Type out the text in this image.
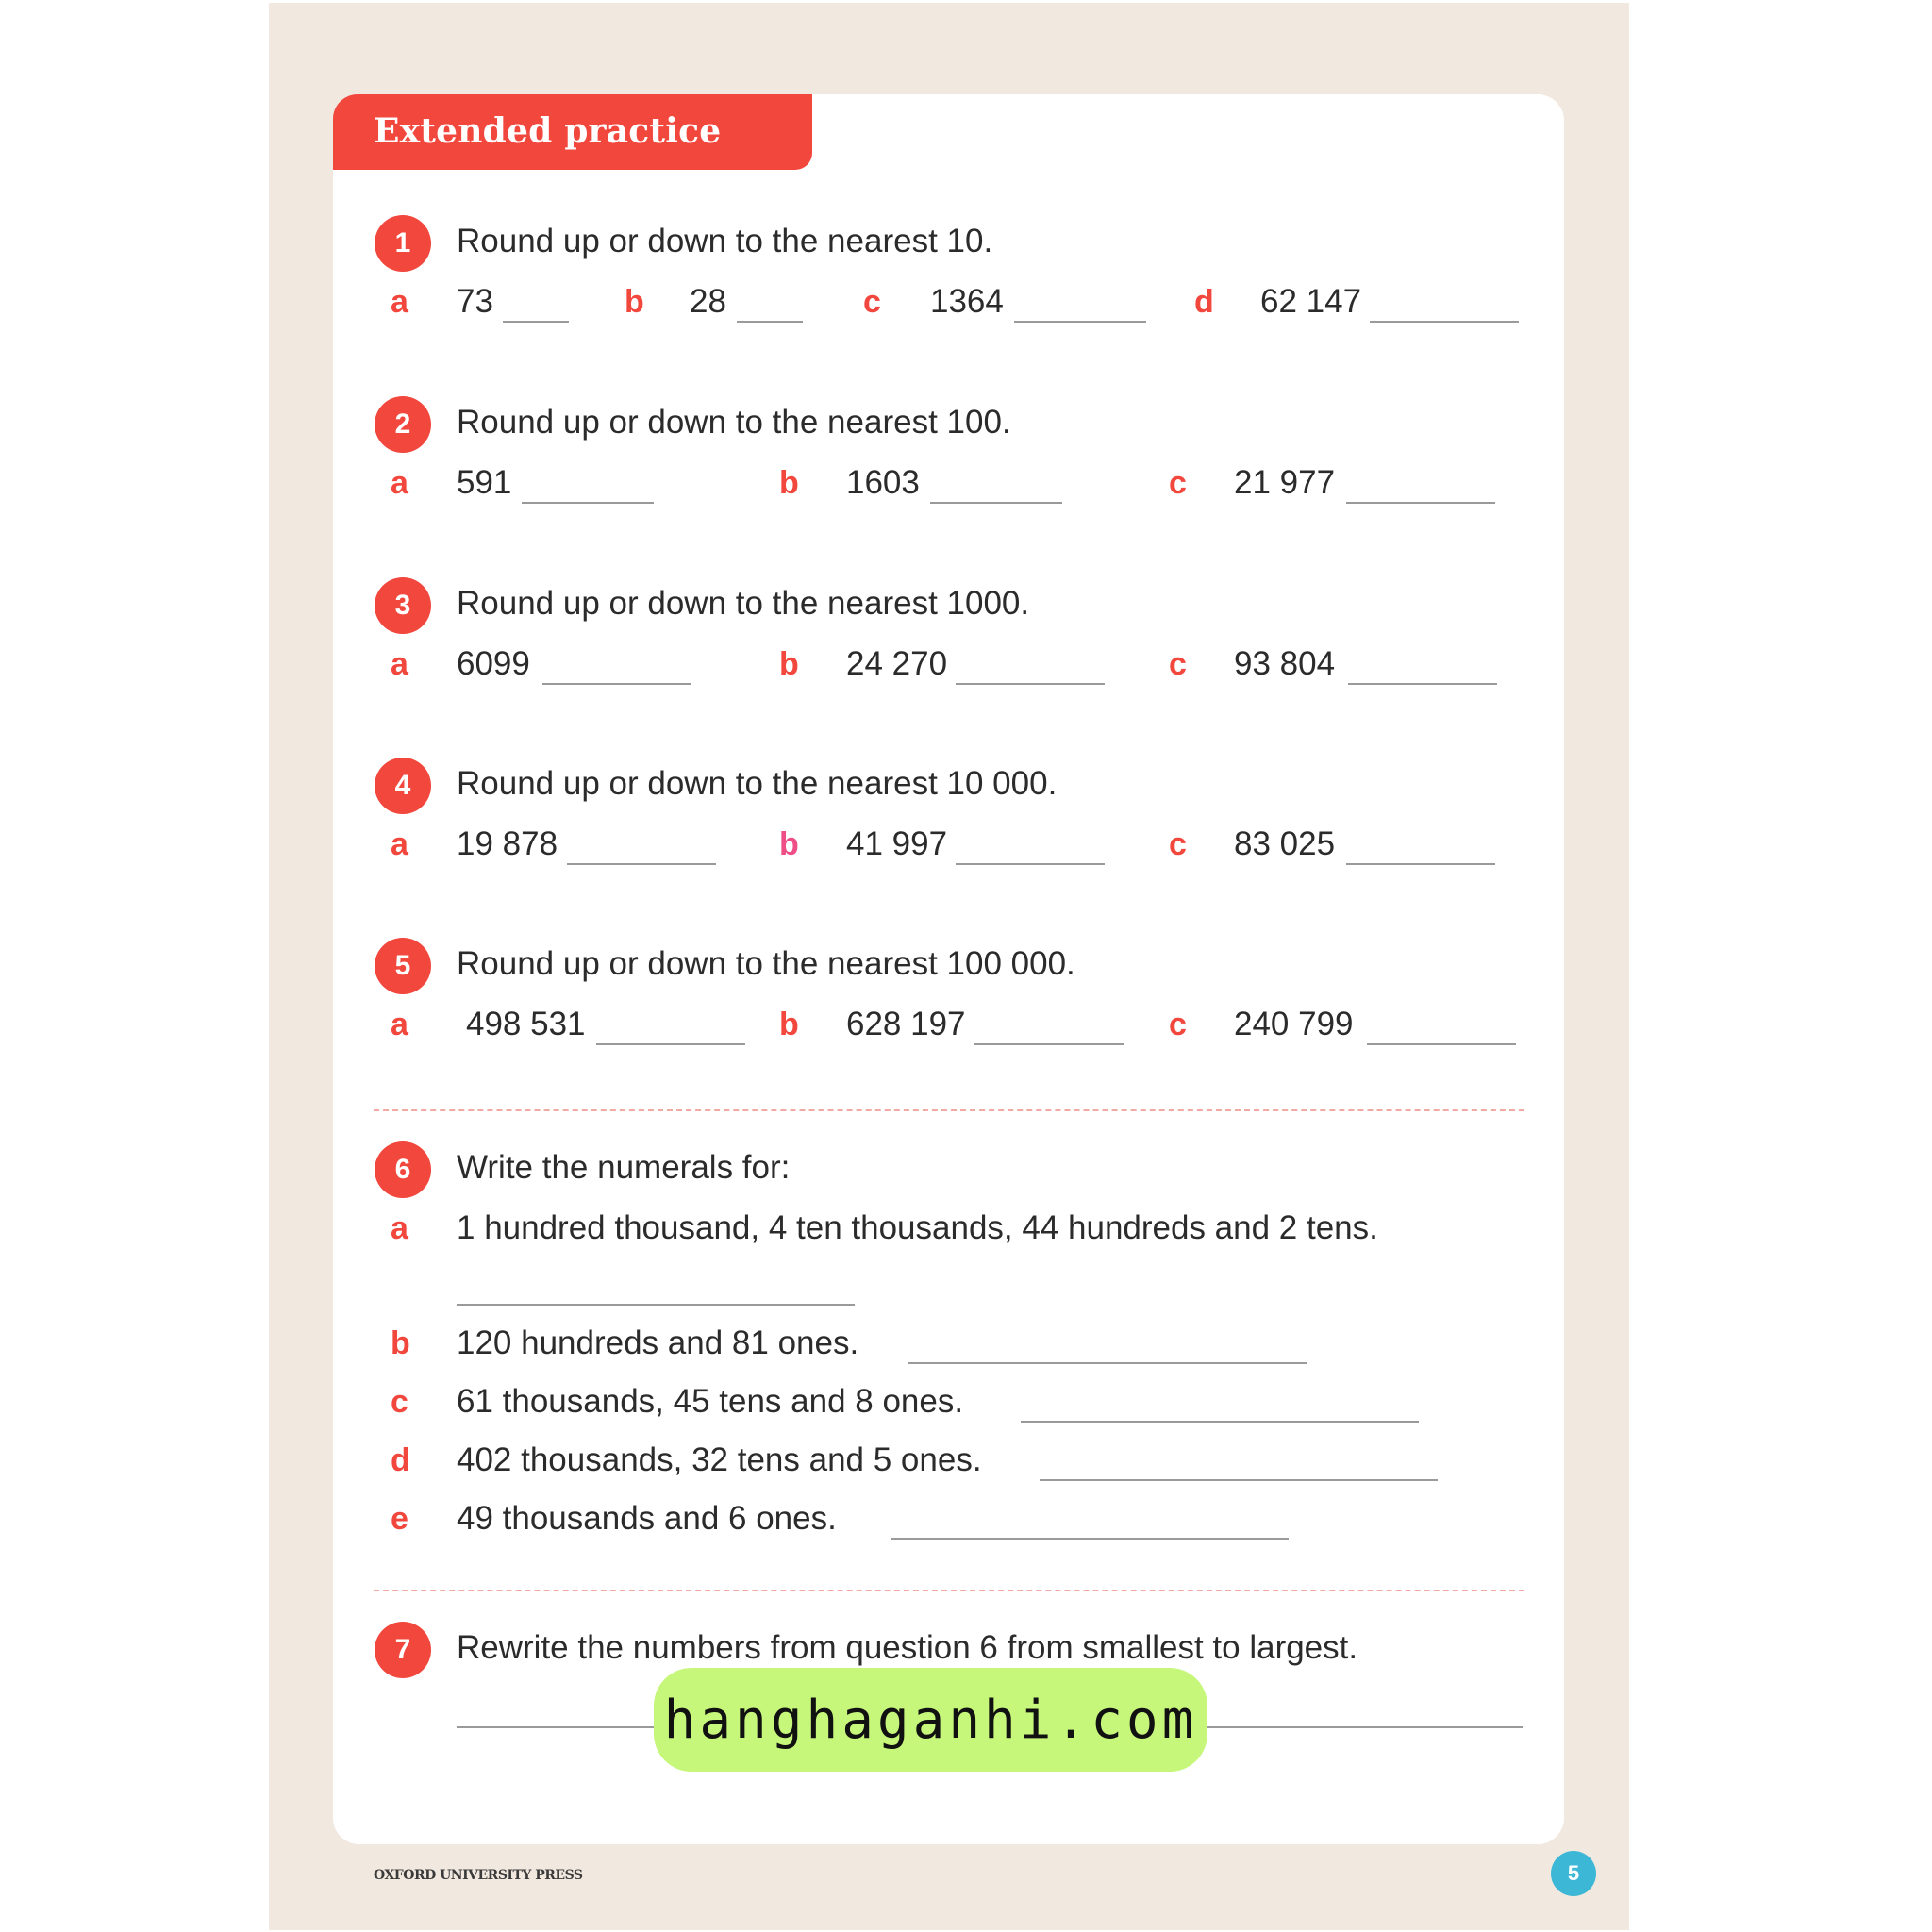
Extended practice
1	Round up or down to the nearest 10.
a 73	b 28	c 1364	d 62 147
2	Round up or down to the nearest 100.
a 591	b 1603	c 21 977
3	Round up or down to the nearest 1000.
a 6099	b 24 270	c 93 804
4	Round up or down to the nearest 10 000.
a 19 878	b 41 997	c 83 025
5	Round up or down to the nearest 100 000.
a 498 531	b 628 197	c 240 799
6	Write the numerals for:
a 1 hundred thousand, 4 ten thousands, 44 hundreds and 2 tens.
b 120 hundreds and 81 ones.
c 61 thousands, 45 tens and 8 ones.
d 402 thousands, 32 tens and 5 ones.
e 49 thousands and 6 ones.
7	Rewrite the numbers from question 6 from smallest to largest.
hanghaganhi.com
OXFORD UNIVERSITY PRESS	5
